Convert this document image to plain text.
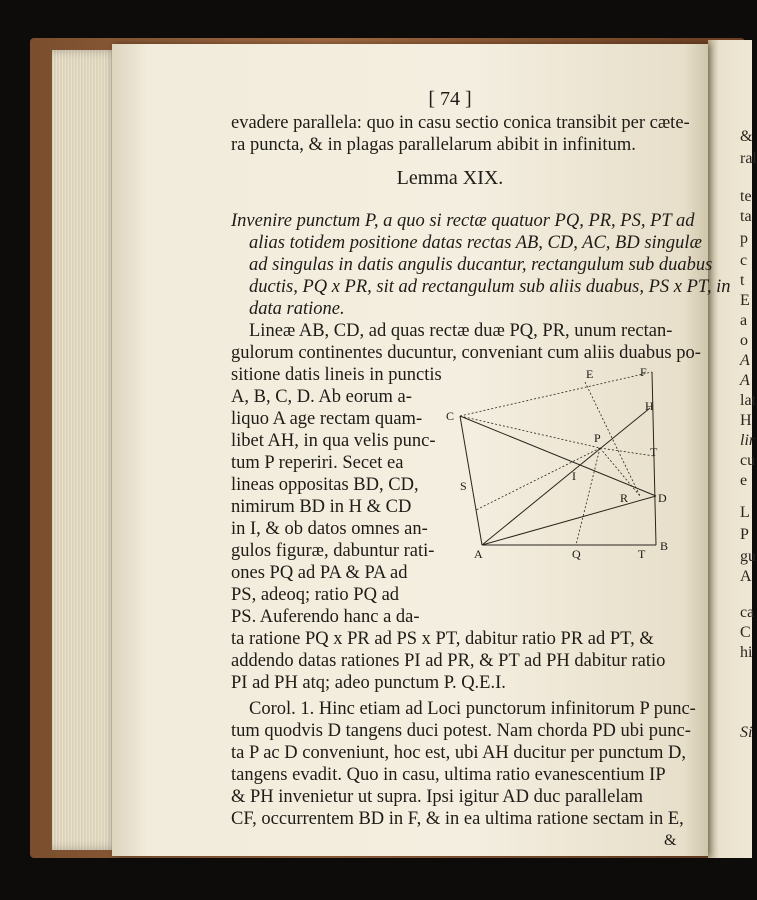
[ 74 ]
evadere parallela: quo in casu sectio conica transibit per cæte-
ra puncta, & in plagas parallelarum abibit in infinitum.
Lemma XIX.
Invenire punctum P, a quo si rectæ quatuor PQ, PR, PS, PT ad
alias totidem positione datas rectas AB, CD, AC, BD singulæ
ad singulas in datis angulis ducantur, rectangulum sub duabus
ductis, PQ x PR, sit ad rectangulum sub aliis duabus, PS x PT, in
data ratione.
Lineæ AB, CD, ad quas rectæ duæ PQ, PR, unum rectan-
gulorum continentes ducuntur, conveniant cum aliis duabus po-
sitione datis lineis in punctis
A, B, C, D. Ab eorum a-
liquo A age rectam quam-
libet AH, in qua velis punc-
tum P reperiri. Secet ea
lineas oppositas BD, CD,
nimirum BD in H & CD
in I, & ob datos omnes an-
gulos figuræ, dabuntur rati-
ones PQ ad PA & PA ad
PS, adeoq; ratio PQ ad
PS. Auferendo hanc a da-
ta ratione PQ x PR ad PS x PT, dabitur ratio PR ad PT, &
addendo datas rationes PI ad PR, & PT ad PH dabitur ratio
PI ad PH atq; adeo punctum P. Q.E.I.
Corol. 1. Hinc etiam ad Loci punctorum infinitorum P punc-
tum quodvis D tangens duci potest. Nam chorda PD ubi punc-
ta P ac D conveniunt, hoc est, ubi AH ducitur per punctum D,
tangens evadit. Quo in casu, ultima ratio evanescentium IP
& PH invenietur ut supra. Ipsi igitur AD duc parallelam
CF, occurrentem BD in F, & in ea ultima ratione sectam in E,
&
E	F
C
H
P
T
I
S
R D
A	Q	T
B
&
ral
te
ta
p
c
t
E
a
o
A
A
lat
H
lir
cu
e
L
P
gu
A
ca
C
hi
Si
